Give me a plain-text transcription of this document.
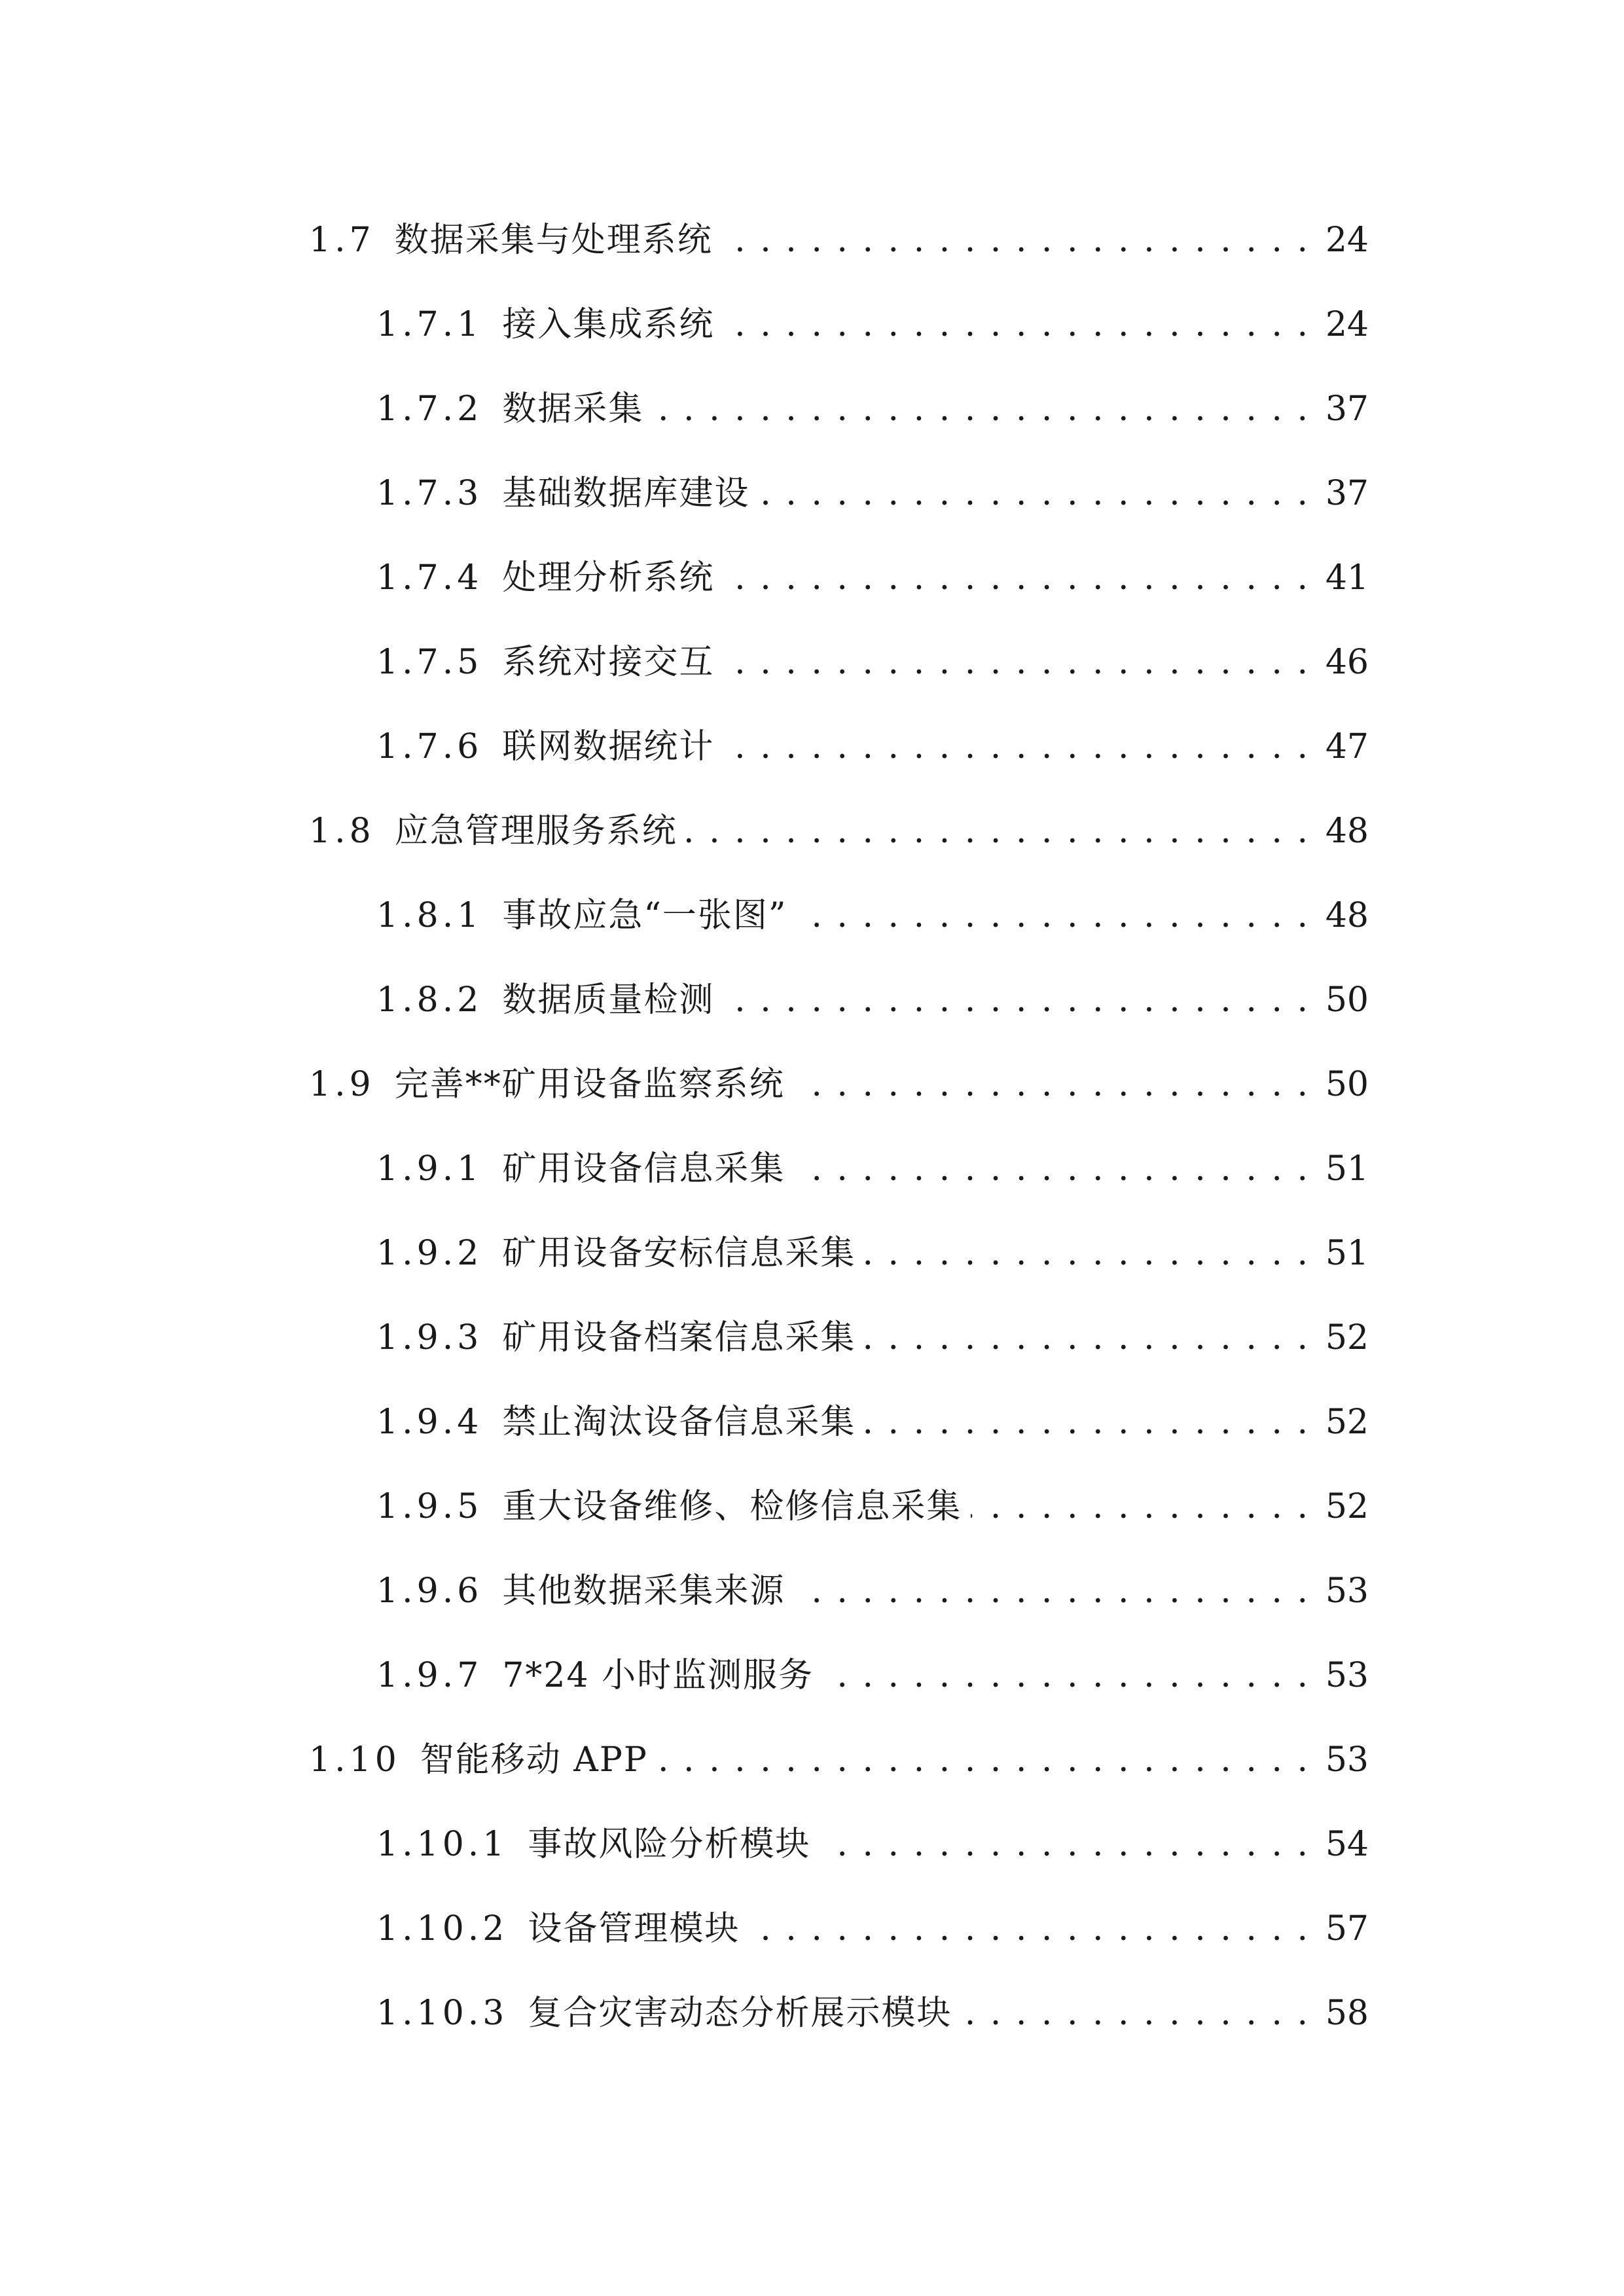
1.7 数据采集与处理系统 . . .	24
1.7.1 接入集成系统 . . .	24
1.7.2 数据采集 . . .	37
1.7.3 基础数据库建设 . . .	37
1.7.4 处理分析系统 . . .	41
1.7.5 系统对接交互 . . .	46
1.7.6 联网数据统计 . . .	47
1.8 应急管理服务系统 . . .	48
1.8.1 事故应急“一张图” . . .	48
1.8.2 数据质量检测 . . .	50
1.9 完善**矿用设备监察系统 . . .	50
1.9.1 矿用设备信息采集 . . .	51
1.9.2 矿用设备安标信息采集 . . .	51
1.9.3 矿用设备档案信息采集 . . .	52
1.9.4 禁止淘汰设备信息采集 . . .	52
1.9.5 重大设备维修、检修信息采集 . . .	52
1.9.6 其他数据采集来源 . . .	53
1.9.7 7*24 小时监测服务 . . .	53
1.10 智能移动 APP . . .	53
1.10.1 事故风险分析模块 . . .	54
1.10.2 设备管理模块 . . .	57
1.10.3 复合灾害动态分析展示模块 . . .	58
